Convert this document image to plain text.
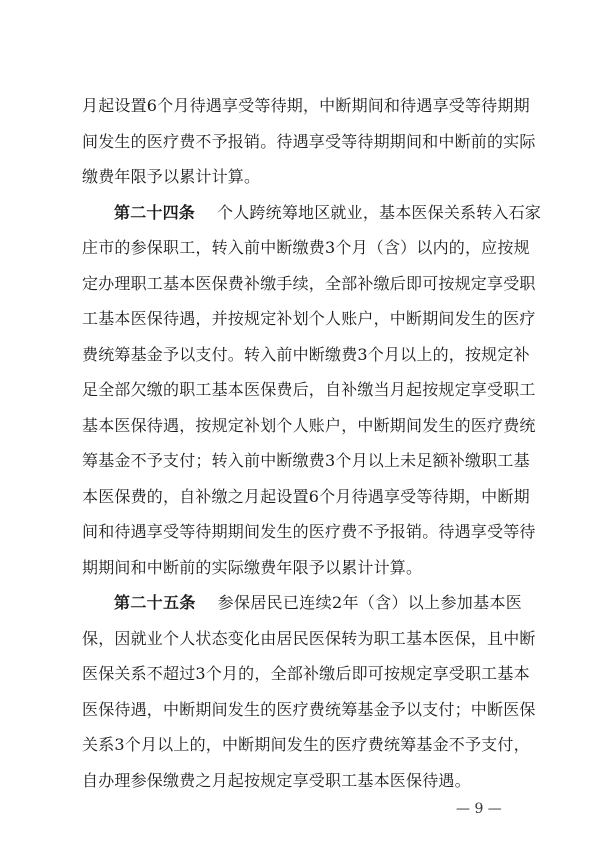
月起设置6个月待遇享受等待期，中断期间和待遇享受等待期期
间发生的医疗费不予报销。待遇享受等待期期间和中断前的实际
缴费年限予以累计计算。
第二十四条 个人跨统筹地区就业，基本医保关系转入石家
庄市的参保职工，转入前中断缴费3个月（含）以内的，应按规
定办理职工基本医保费补缴手续，全部补缴后即可按规定享受职
工基本医保待遇，并按规定补划个人账户，中断期间发生的医疗
费统筹基金予以支付。转入前中断缴费3个月以上的，按规定补
足全部欠缴的职工基本医保费后，自补缴当月起按规定享受职工
基本医保待遇，按规定补划个人账户，中断期间发生的医疗费统
筹基金不予支付；转入前中断缴费3个月以上未足额补缴职工基
本医保费的，自补缴之月起设置6个月待遇享受等待期，中断期
间和待遇享受等待期期间发生的医疗费不予报销。待遇享受等待
期期间和中断前的实际缴费年限予以累计计算。
第二十五条 参保居民已连续2年（含）以上参加基本医
保，因就业个人状态变化由居民医保转为职工基本医保，且中断
医保关系不超过3个月的，全部补缴后即可按规定享受职工基本
医保待遇，中断期间发生的医疗费统筹基金予以支付；中断医保
关系3个月以上的，中断期间发生的医疗费统筹基金不予支付，
自办理参保缴费之月起按规定享受职工基本医保待遇。
— 9 —
